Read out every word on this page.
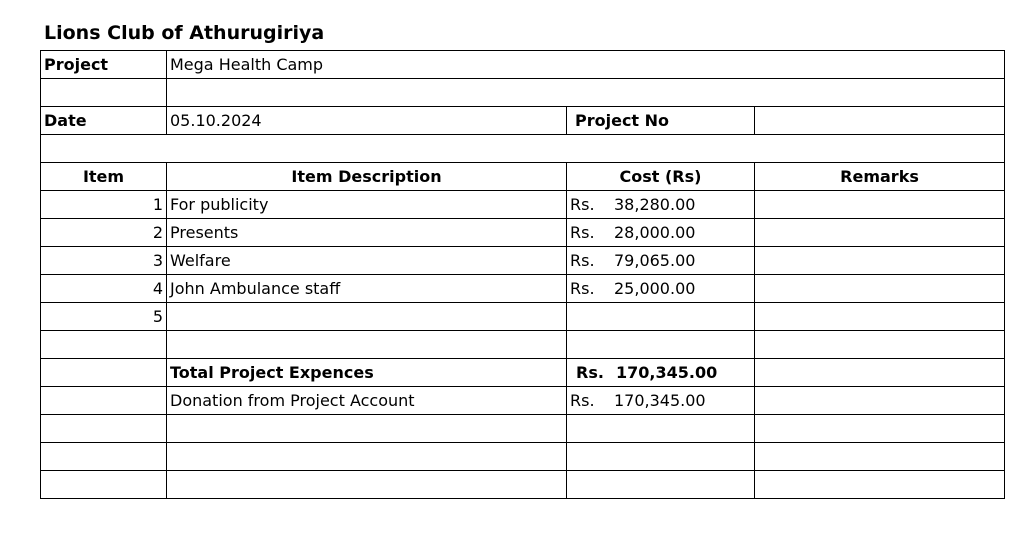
Lions Club of Athurugiriya
Project	Mega Health Camp		

Date	05.10.2024	Project No	

Item	Item Description	Cost (Rs)	Remarks
1	For publicity	Rs. 38,280.00	

2	Presents	Rs. 28,000.00	

3	Welfare	Rs. 79,065.00	

4	John Ambulance staff	Rs. 25,000.00	

5		

	Total Project Expences	Rs. 170,345.00	

	Donation from Project Account	Rs. 170,345.00	
